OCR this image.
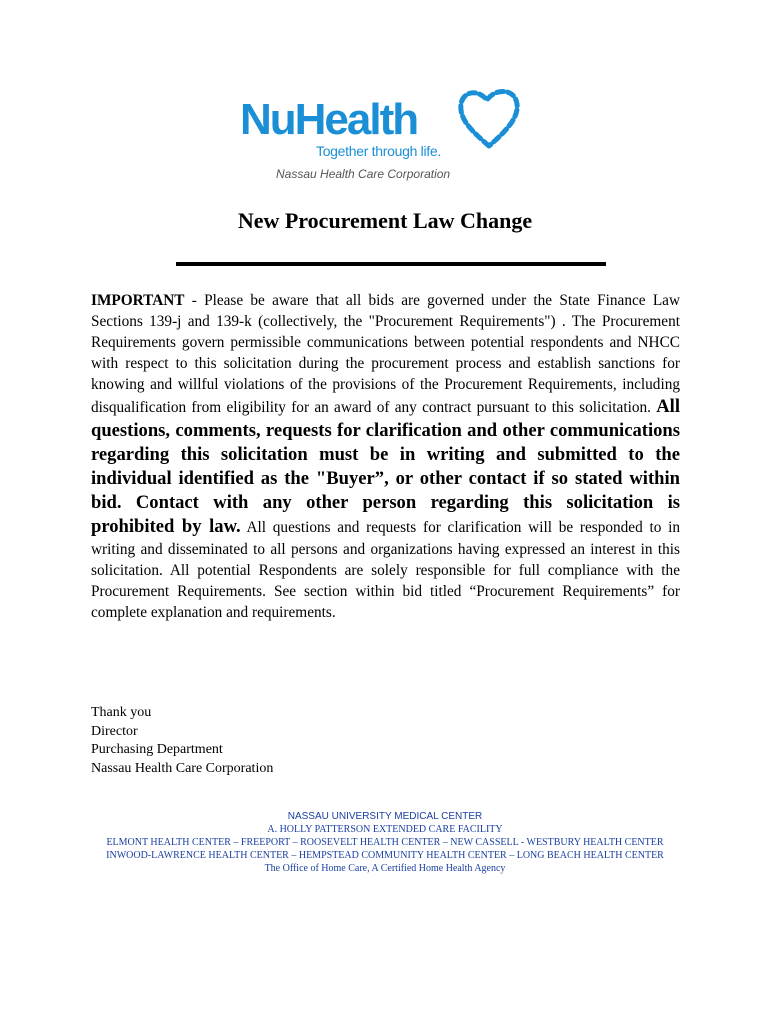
NuHealth
Together through life.
Nassau Health Care Corporation
New Procurement Law Change
IMPORTANT - Please be aware that all bids are governed under the State Finance Law Sections 139-j and 139-k (collectively, the "Procurement Requirements") . The Procurement Requirements govern permissible communications between potential respondents and NHCC with respect to this solicitation during the procurement process and establish sanctions for knowing and willful violations of the provisions of the Procurement Requirements, including disqualification from eligibility for an award of any contract pursuant to this solicitation. All questions, comments, requests for clarification and other communications regarding this solicitation must be in writing and submitted to the individual identified as the "Buyer”, or other contact if so stated within bid. Contact with any other person regarding this solicitation is prohibited by law. All questions and requests for clarification will be responded to in writing and disseminated to all persons and organizations having expressed an interest in this solicitation. All potential Respondents are solely responsible for full compliance with the Procurement Requirements. See section within bid titled “Procurement Requirements” for complete explanation and requirements.
Thank you
Director
Purchasing Department
Nassau Health Care Corporation
NASSAU UNIVERSITY MEDICAL CENTER
A. HOLLY PATTERSON EXTENDED CARE FACILITY
ELMONT HEALTH CENTER – FREEPORT – ROOSEVELT HEALTH CENTER – NEW CASSELL - WESTBURY HEALTH CENTER
INWOOD-LAWRENCE HEALTH CENTER – HEMPSTEAD COMMUNITY HEALTH CENTER – LONG BEACH HEALTH CENTER
The Office of Home Care, A Certified Home Health Agency
